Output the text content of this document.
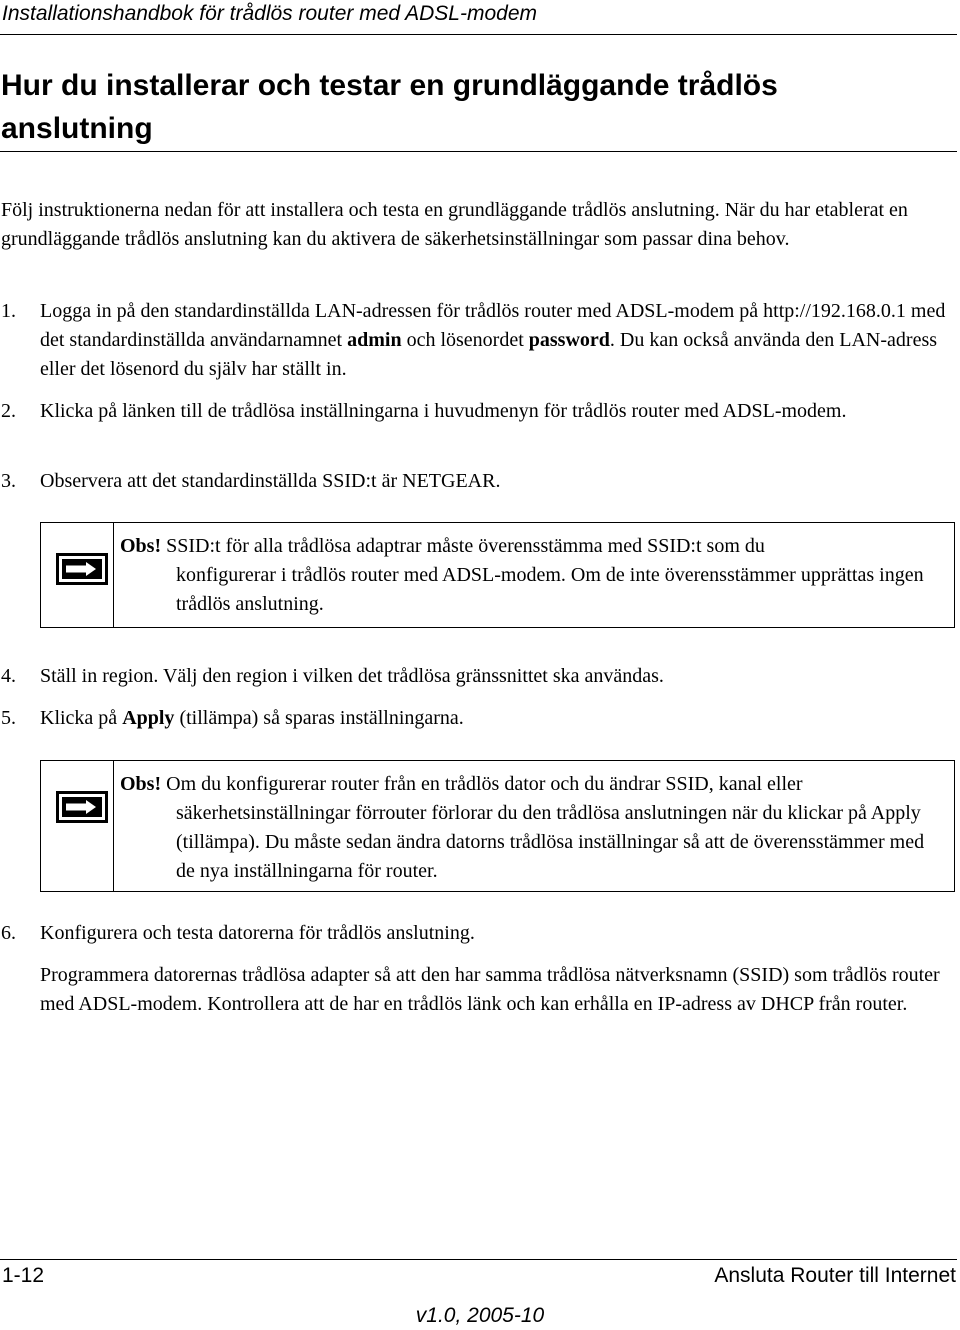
Installationshandbok för trådlös router med ADSL-modem
Hur du installerar och testar en grundläggande trådlös anslutning

Följ instruktionerna nedan för att installera och testa en grundläggande trådlös anslutning. När du har etablerat en grundläggande trådlös anslutning kan du aktivera de säkerhetsinställningar som passar dina behov.

1. Logga in på den standardinställda LAN-adressen för trådlös router med ADSL-modem på http://192.168.0.1 med det standardinställda användarnamnet admin och lösenordet password. Du kan också använda den LAN-adress eller det lösenord du själv har ställt in.

2. Klicka på länken till de trådlösa inställningarna i huvudmenyn för trådlös router med ADSL-modem.

3. Observera att det standardinställda SSID:t är NETGEAR.

Obs! SSID:t för alla trådlösa adaptrar måste överensstämma med SSID:t som du
konfigurerar i trådlös router med ADSL-modem. Om de inte överensstämmer upprättas ingen trådlös anslutning.

4. Ställ in region. Välj den region i vilken det trådlösa gränssnittet ska användas.

5. Klicka på Apply (tillämpa) så sparas inställningarna.

Obs! Om du konfigurerar router från en trådlös dator och du ändrar SSID, kanal eller
säkerhetsinställningar förrouter förlorar du den trådlösa anslutningen när du klickar på Apply (tillämpa). Du måste sedan ändra datorns trådlösa inställningar så att de överensstämmer med de nya inställningarna för router.

6. Konfigurera och testa datorerna för trådlös anslutning.

Programmera datorernas trådlösa adapter så att den har samma trådlösa nätverksnamn (SSID) som trådlös router med ADSL-modem. Kontrollera att de har en trådlös länk och kan erhålla en IP-adress av DHCP från router.

1-12	Ansluta Router till Internet
v1.0, 2005-10
